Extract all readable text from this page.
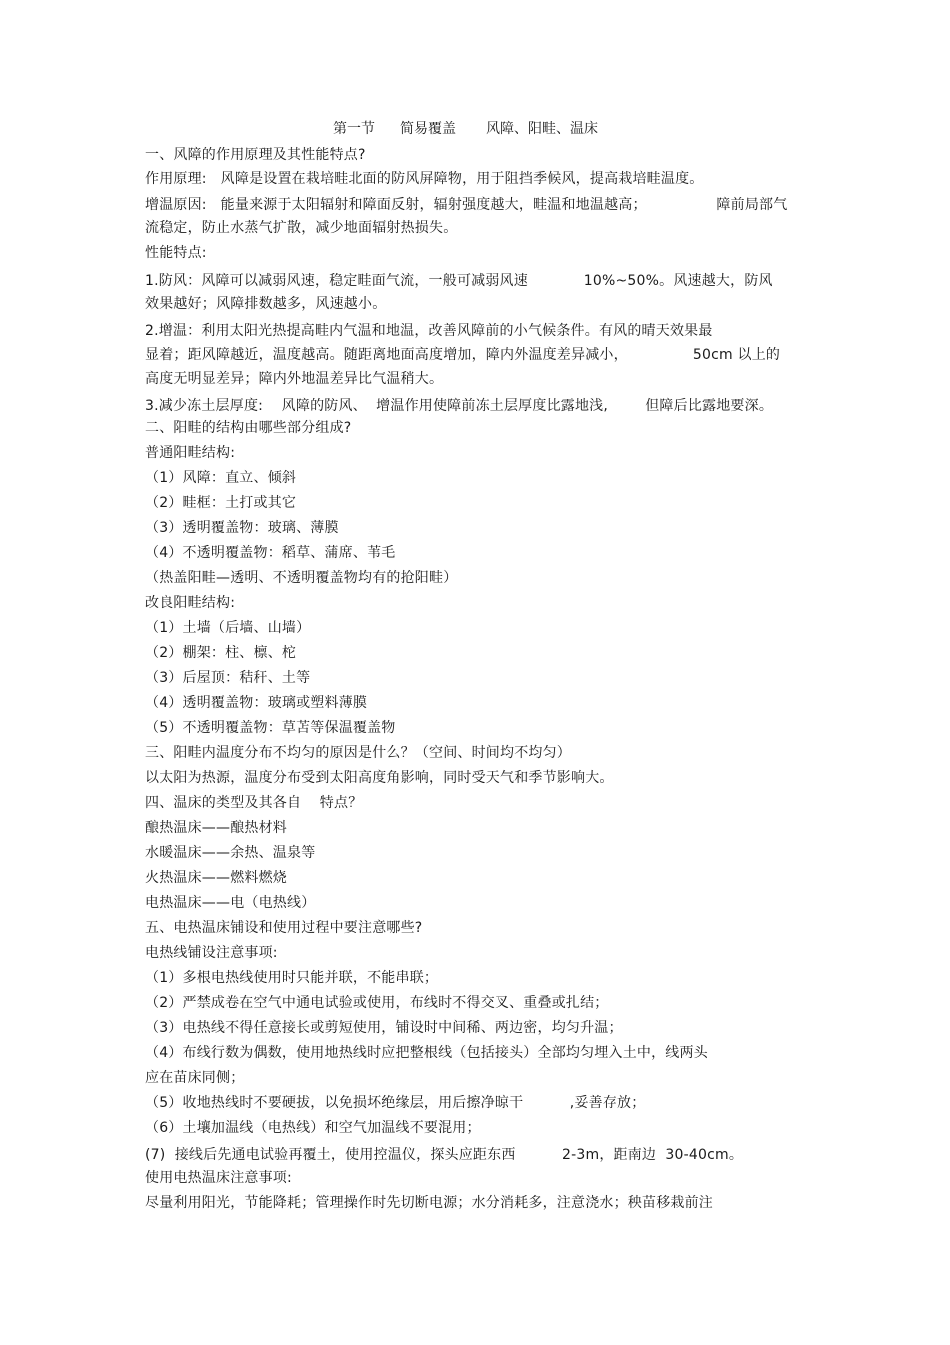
第一节 简易覆盖 风障、阳畦、温床
一、风障的作用原理及其性能特点?
作用原理:   风障是设置在栽培畦北面的防风屏障物，用于阻挡季候风，提高栽培畦温度。
增温原因:   能量来源于太阳辐射和障面反射，辐射强度越大，畦温和地温越高；               障前局部气
流稳定，防止水蒸气扩散，减少地面辐射热损失。
性能特点:
1.防风：风障可以减弱风速，稳定畦面气流，一般可减弱风速            10%~50%。风速越大，防风
效果越好；风障排数越多，风速越小。
2.增温：利用太阳光热提高畦内气温和地温，改善风障前的小气候条件。有风的晴天效果最
显着；距风障越近，温度越高。随距离地面高度增加，障内外温度差异减小，              50cm 以上的
高度无明显差异；障内外地温差异比气温稍大。
3.减少冻土层厚度:    风障的防风、  增温作用使障前冻土层厚度比露地浅,        但障后比露地要深。
二、阳畦的结构由哪些部分组成?
普通阳畦结构:
（1）风障：直立、倾斜
（2）畦框：土打或其它
（3）透明覆盖物：玻璃、薄膜
（4）不透明覆盖物：稻草、蒲席、苇毛
（热盖阳畦—透明、不透明覆盖物均有的抢阳畦）
改良阳畦结构:
（1）土墙（后墙、山墙）
（2）棚架：柱、檩、柁
（3）后屋顶：秸秆、土等
（4）透明覆盖物：玻璃或塑料薄膜
（5）不透明覆盖物：草苫等保温覆盖物
三、阳畦内温度分布不均匀的原因是什么？（空间、时间均不均匀）
以太阳为热源，温度分布受到太阳高度角影响，同时受天气和季节影响大。
四、温床的类型及其各自    特点？
酿热温床——酿热材料
水暖温床——余热、温泉等
火热温床——燃料燃烧
电热温床——电（电热线）
五、电热温床铺设和使用过程中要注意哪些?
电热线铺设注意事项:
（1）多根电热线使用时只能并联，不能串联；
（2）严禁成卷在空气中通电试验或使用，布线时不得交叉、重叠或扎结；
（3）电热线不得任意接长或剪短使用，铺设时中间稀、两边密，均匀升温；
（4）布线行数为偶数，使用地热线时应把整根线（包括接头）全部均匀埋入土中，线两头
应在苗床同侧；
（5）收地热线时不要硬拔，以免损坏绝缘层，用后擦净晾干          ,妥善存放；
（6）土壤加温线（电热线）和空气加温线不要混用；
(7)  接线后先通电试验再覆土，使用控温仪，探头应距东西          2-3m，距南边  30-40cm。
使用电热温床注意事项:
尽量利用阳光，节能降耗；管理操作时先切断电源；水分消耗多，注意浇水；秧苗移栽前注
